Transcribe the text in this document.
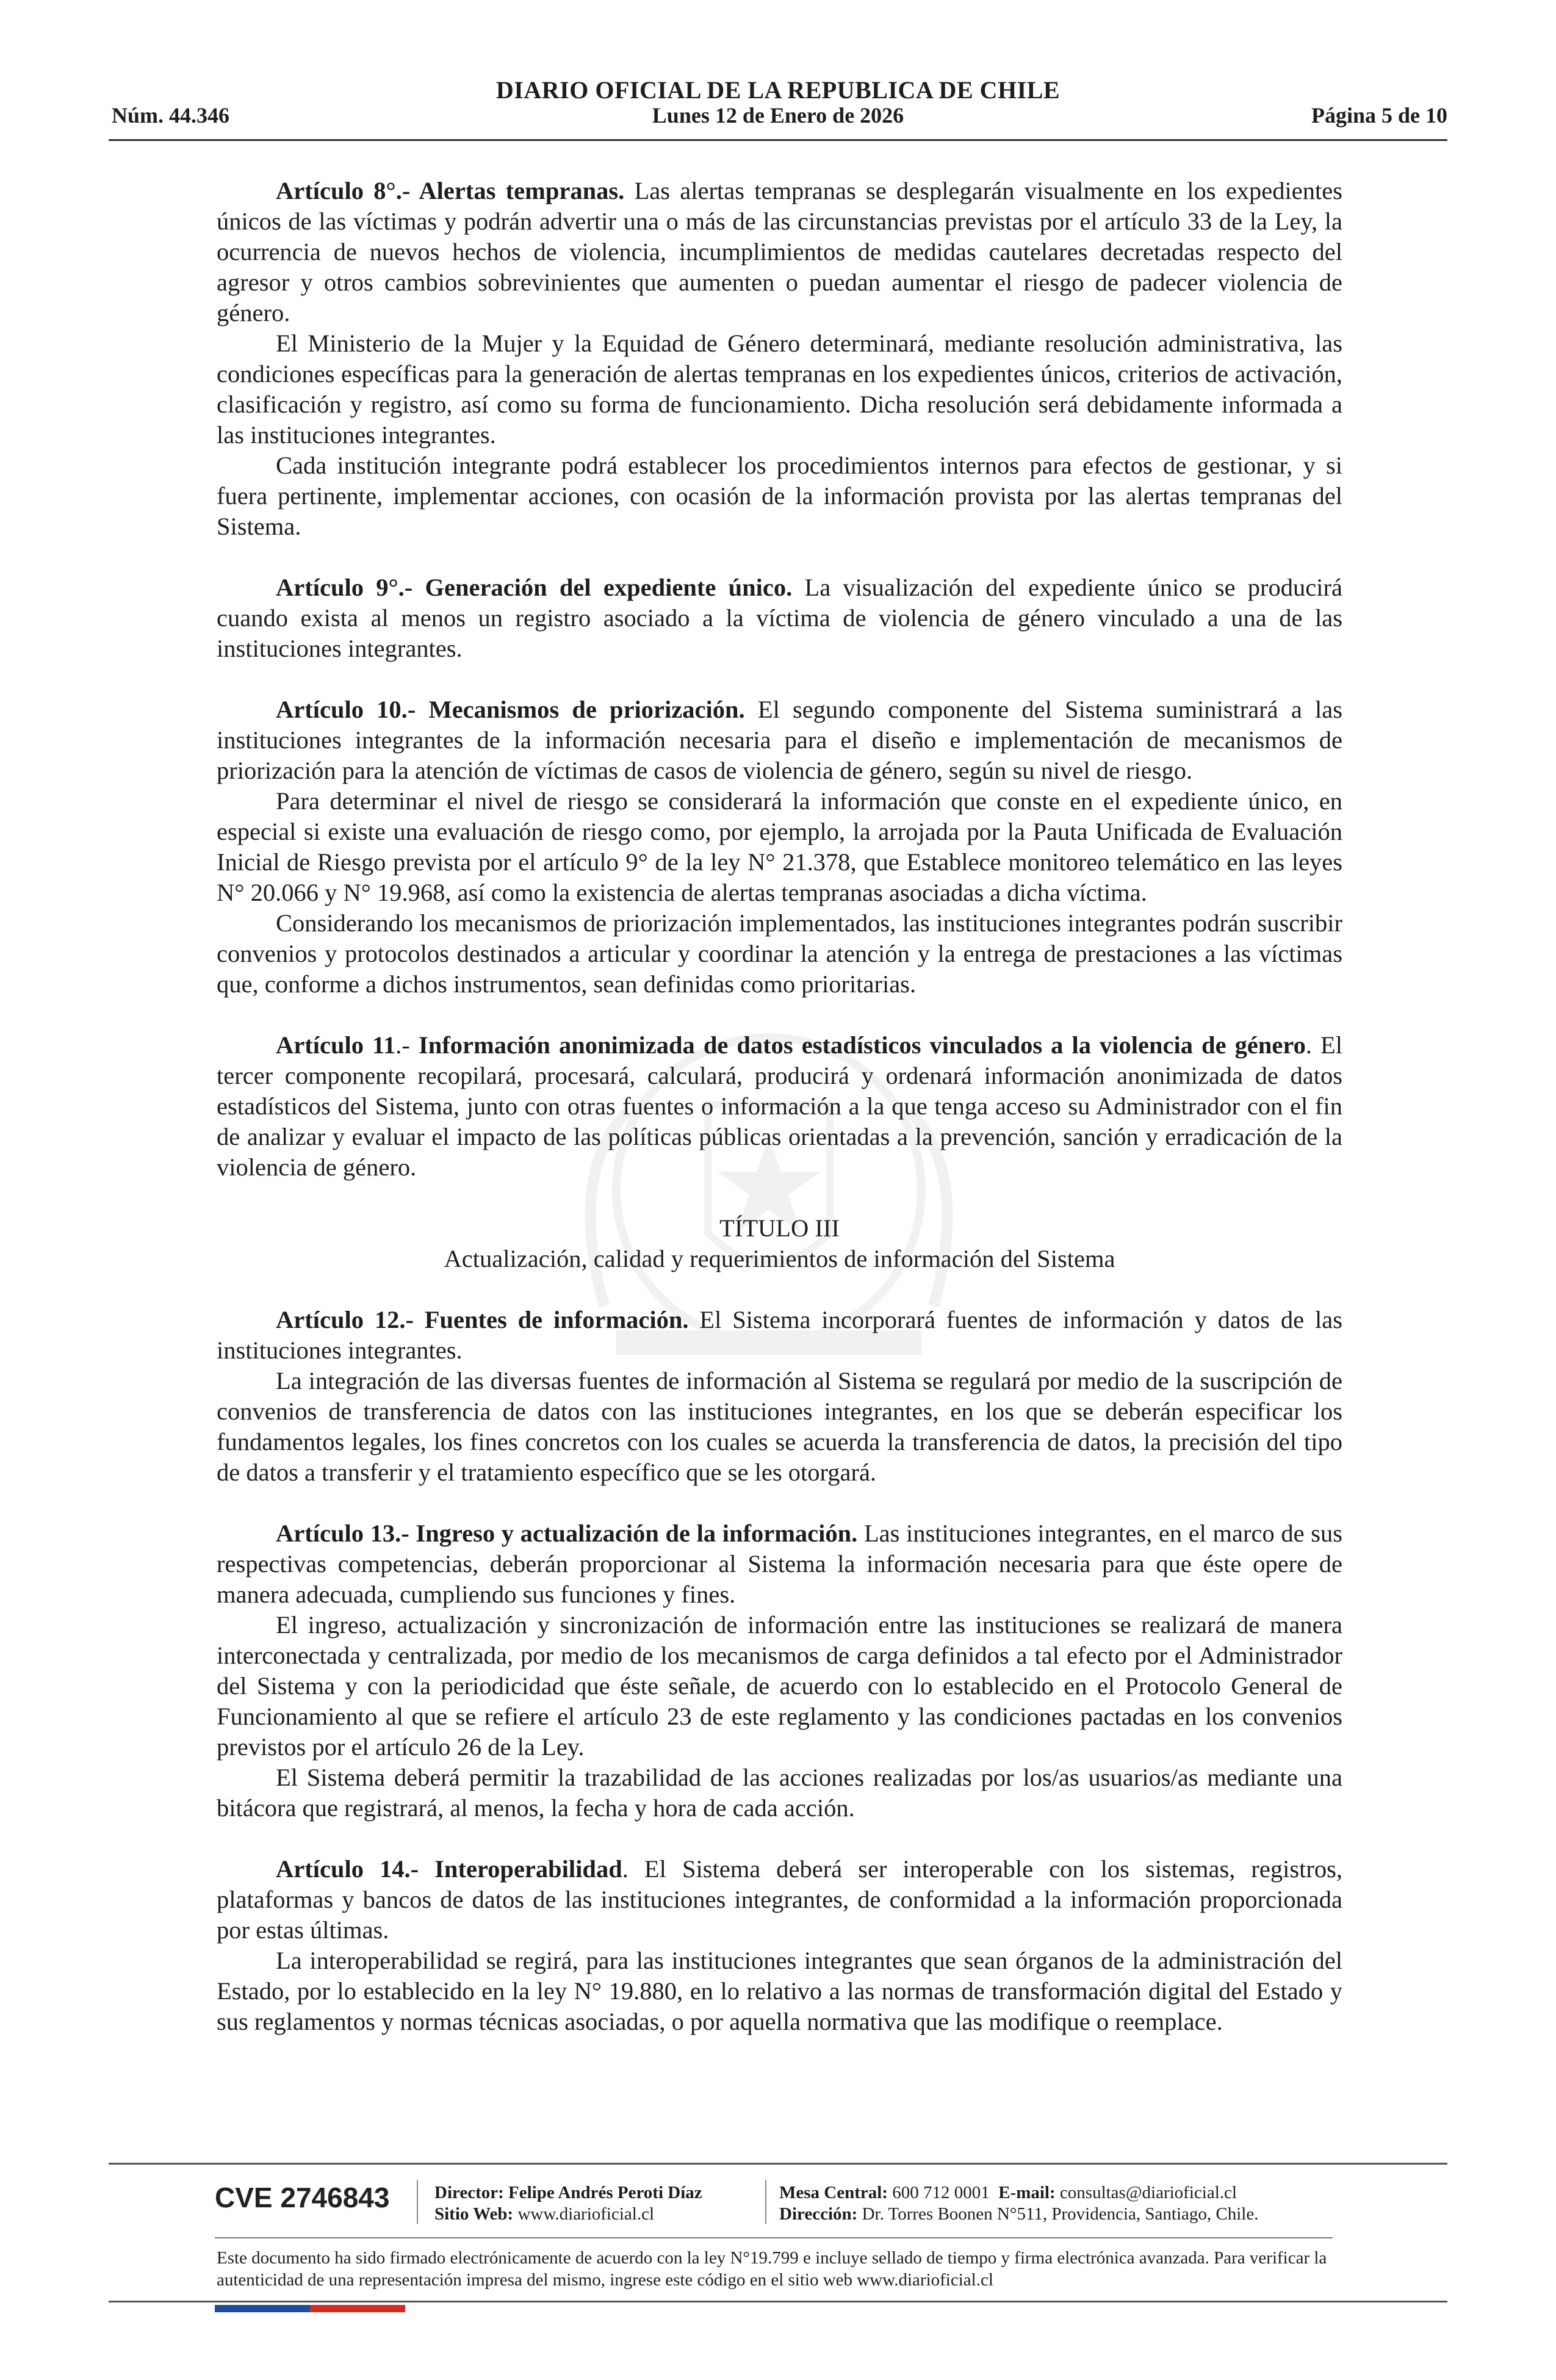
DIARIO OFICIAL DE LA REPUBLICA DE CHILE
Núm. 44.346	Lunes 12 de Enero de 2026	Página 5 de 10

Artículo 8°.- Alertas tempranas. Las alertas tempranas se desplegarán visualmente en los expedientes únicos de las víctimas y podrán advertir una o más de las circunstancias previstas por el artículo 33 de la Ley, la ocurrencia de nuevos hechos de violencia, incumplimientos de medidas cautelares decretadas respecto del agresor y otros cambios sobrevinientes que aumenten o puedan aumentar el riesgo de padecer violencia de género.

El Ministerio de la Mujer y la Equidad de Género determinará, mediante resolución administrativa, las condiciones específicas para la generación de alertas tempranas en los expedientes únicos, criterios de activación, clasificación y registro, así como su forma de funcionamiento. Dicha resolución será debidamente informada a las instituciones integrantes.

Cada institución integrante podrá establecer los procedimientos internos para efectos de gestionar, y si fuera pertinente, implementar acciones, con ocasión de la información provista por las alertas tempranas del Sistema.

Artículo 9°.- Generación del expediente único. La visualización del expediente único se producirá cuando exista al menos un registro asociado a la víctima de violencia de género vinculado a una de las instituciones integrantes.

Artículo 10.- Mecanismos de priorización. El segundo componente del Sistema suministrará a las instituciones integrantes de la información necesaria para el diseño e implementación de mecanismos de priorización para la atención de víctimas de casos de violencia de género, según su nivel de riesgo.

Para determinar el nivel de riesgo se considerará la información que conste en el expediente único, en especial si existe una evaluación de riesgo como, por ejemplo, la arrojada por la Pauta Unificada de Evaluación Inicial de Riesgo prevista por el artículo 9° de la ley N° 21.378, que Establece monitoreo telemático en las leyes N° 20.066 y N° 19.968, así como la existencia de alertas tempranas asociadas a dicha víctima.

Considerando los mecanismos de priorización implementados, las instituciones integrantes podrán suscribir convenios y protocolos destinados a articular y coordinar la atención y la entrega de prestaciones a las víctimas que, conforme a dichos instrumentos, sean definidas como prioritarias.

Artículo 11.- Información anonimizada de datos estadísticos vinculados a la violencia de género. El tercer componente recopilará, procesará, calculará, producirá y ordenará información anonimizada de datos estadísticos del Sistema, junto con otras fuentes o información a la que tenga acceso su Administrador con el fin de analizar y evaluar el impacto de las políticas públicas orientadas a la prevención, sanción y erradicación de la violencia de género.

TÍTULO III

Actualización, calidad y requerimientos de información del Sistema

Artículo 12.- Fuentes de información. El Sistema incorporará fuentes de información y datos de las instituciones integrantes.

La integración de las diversas fuentes de información al Sistema se regulará por medio de la suscripción de convenios de transferencia de datos con las instituciones integrantes, en los que se deberán especificar los fundamentos legales, los fines concretos con los cuales se acuerda la transferencia de datos, la precisión del tipo de datos a transferir y el tratamiento específico que se les otorgará.

Artículo 13.- Ingreso y actualización de la información. Las instituciones integrantes, en el marco de sus respectivas competencias, deberán proporcionar al Sistema la información necesaria para que éste opere de manera adecuada, cumpliendo sus funciones y fines.

El ingreso, actualización y sincronización de información entre las instituciones se realizará de manera interconectada y centralizada, por medio de los mecanismos de carga definidos a tal efecto por el Administrador del Sistema y con la periodicidad que éste señale, de acuerdo con lo establecido en el Protocolo General de Funcionamiento al que se refiere el artículo 23 de este reglamento y las condiciones pactadas en los convenios previstos por el artículo 26 de la Ley.

El Sistema deberá permitir la trazabilidad de las acciones realizadas por los/as usuarios/as mediante una bitácora que registrará, al menos, la fecha y hora de cada acción.

Artículo 14.- Interoperabilidad. El Sistema deberá ser interoperable con los sistemas, registros, plataformas y bancos de datos de las instituciones integrantes, de conformidad a la información proporcionada por estas últimas.

La interoperabilidad se regirá, para las instituciones integrantes que sean órganos de la administración del Estado, por lo establecido en la ley N° 19.880, en lo relativo a las normas de transformación digital del Estado y sus reglamentos y normas técnicas asociadas, o por aquella normativa que las modifique o reemplace.

CVE 2746843	Director: Felipe Andrés Peroti Díaz
Sitio Web: www.diarioficial.cl
Mesa Central: 600 712 0001 E-mail: consultas@diarioficial.cl
Dirección: Dr. Torres Boonen N°511, Providencia, Santiago, Chile.
Este documento ha sido firmado electrónicamente de acuerdo con la ley N°19.799 e incluye sellado de tiempo y firma electrónica avanzada. Para verificar la autenticidad de una representación impresa del mismo, ingrese este código en el sitio web www.diarioficial.cl
